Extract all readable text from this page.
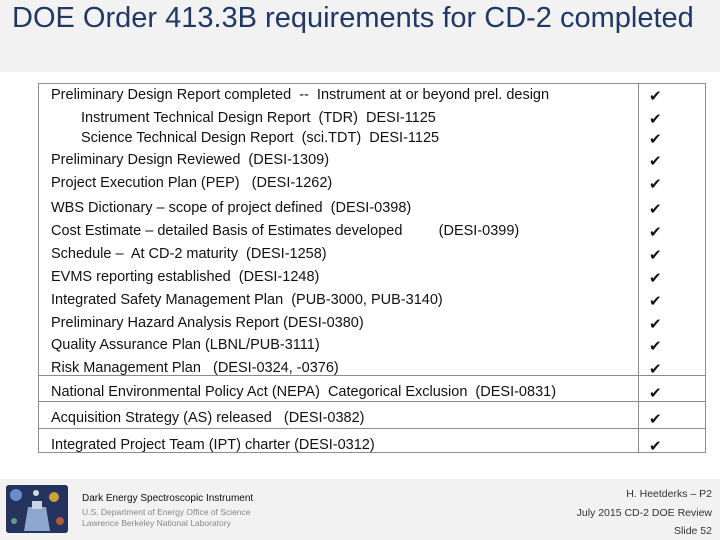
DOE Order 413.3B requirements for CD-2 completed
Preliminary Design Report completed  --  Instrument at or beyond prel. design	✔
Instrument Technical Design Report  (TDR)  DESI-1125	✔
Science Technical Design Report  (sci.TDT)  DESI-1125	✔
Preliminary Design Reviewed  (DESI-1309)	✔
Project Execution Plan (PEP)   (DESI-1262)	✔
WBS Dictionary – scope of project defined  (DESI-0398)	✔
Cost Estimate – detailed Basis of Estimates developed         (DESI-0399)	✔
Schedule –  At CD-2 maturity  (DESI-1258)	✔
EVMS reporting established  (DESI-1248)	✔
Integrated Safety Management Plan  (PUB-3000, PUB-3140)	✔
Preliminary Hazard Analysis Report (DESI-0380)	✔
Quality Assurance Plan (LBNL/PUB-3111)	✔
Risk Management Plan   (DESI-0324, -0376)	✔
National Environmental Policy Act (NEPA)  Categorical Exclusion  (DESI-0831)	✔
Acquisition Strategy (AS) released   (DESI-0382)	✔
Integrated Project Team (IPT) charter (DESI-0312)	✔
Dark Energy Spectroscopic Instrument
U.S. Department of Energy Office of Science
Lawrence Berkeley National Laboratory
H. Heetderks – P2
July 2015 CD-2 DOE Review
Slide 52
